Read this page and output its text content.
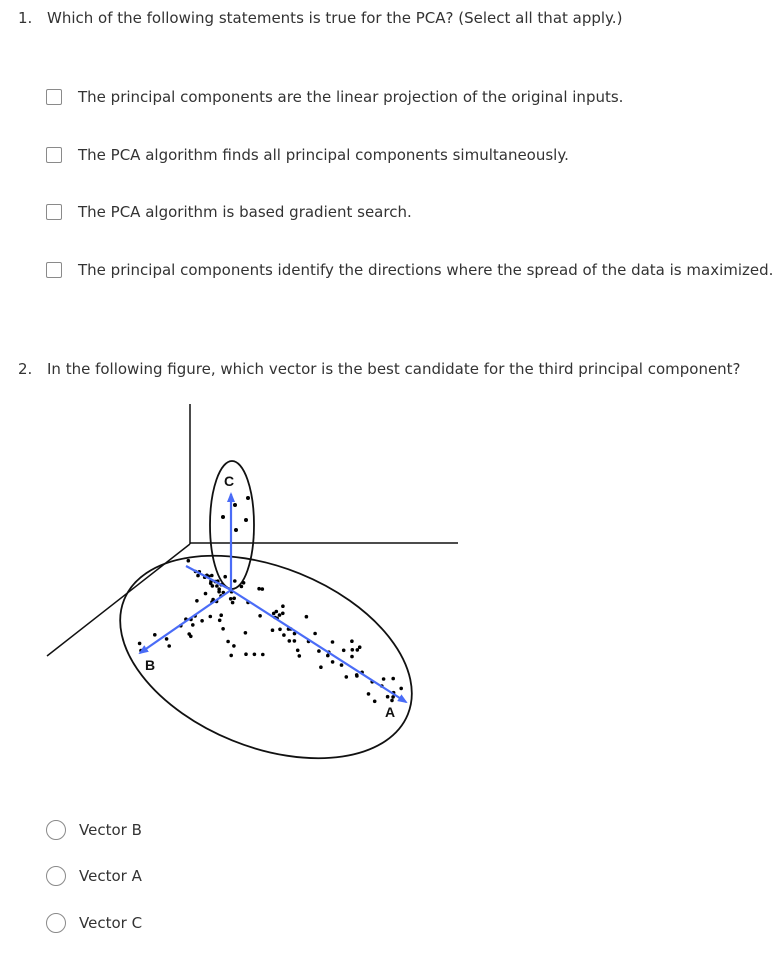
1. Which of the following statements is true for the PCA? (Select all that apply.)
The principal components are the linear projection of the original inputs.
The PCA algorithm finds all principal components simultaneously.
The PCA algorithm is based gradient search.
The principal components identify the directions where the spread of the data is maximized.
2. In the following figure, which vector is the best candidate for the third principal component?
A
B
C
Vector B
Vector A
Vector C
